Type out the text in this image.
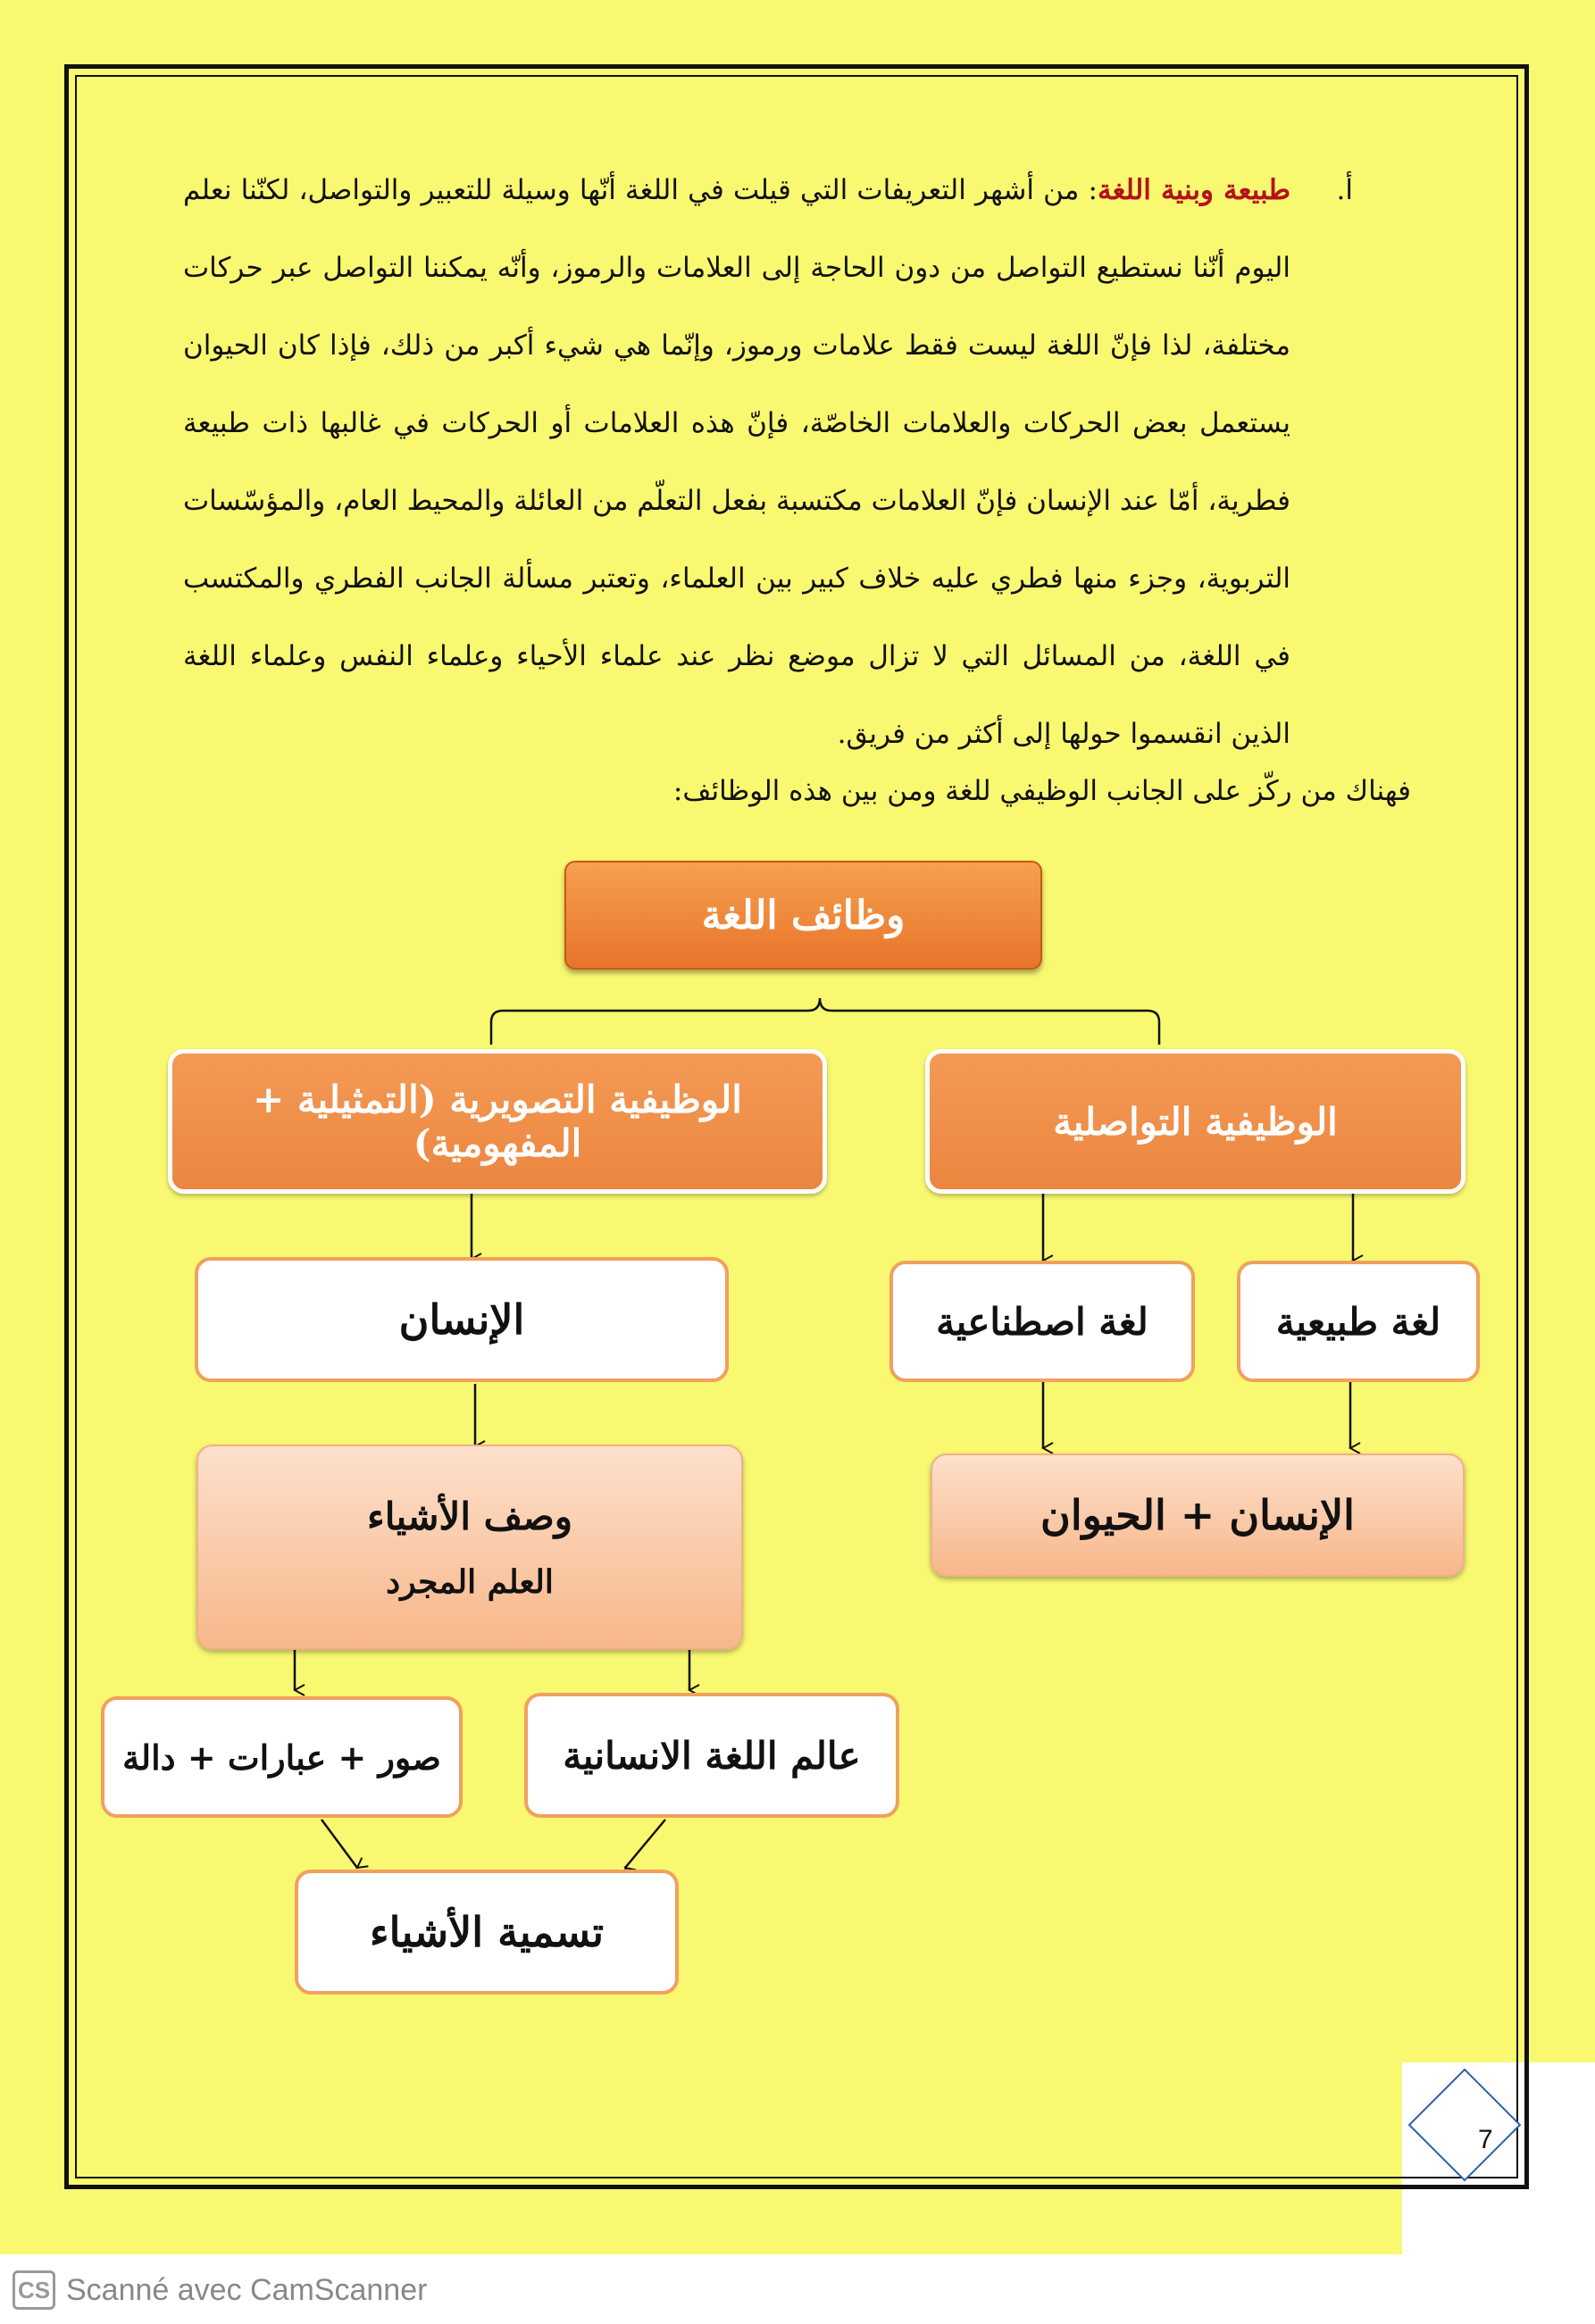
أ.
طبيعة وبنية اللغة: من أشهر التعريفات التي قيلت في اللغة أنّها وسيلة للتعبير والتواصل، لكنّنا نعلم اليوم أنّنا نستطيع التواصل من دون الحاجة إلى العلامات والرموز، وأنّه يمكننا التواصل عبر حركات مختلفة، لذا فإنّ اللغة ليست فقط علامات ورموز، وإنّما هي شيء أكبر من ذلك، فإذا كان الحيوان يستعمل بعض الحركات والعلامات الخاصّة، فإنّ هذه العلامات أو الحركات في غالبها ذات طبيعة فطرية، أمّا عند الإنسان فإنّ العلامات مكتسبة بفعل التعلّم من العائلة والمحيط العام، والمؤسّسات التربوية، وجزء منها فطري عليه خلاف كبير بين العلماء، وتعتبر مسألة الجانب الفطري والمكتسب في اللغة، من المسائل التي لا تزال موضع نظر عند علماء الأحياء وعلماء النفس وعلماء اللغة الذين انقسموا حولها إلى أكثر من فريق.
فهناك من ركّز على الجانب الوظيفي للغة ومن بين هذه الوظائف:
وظائف اللغة
الوظيفية التصويرية (التمثيلية + المفهومية)	الوظيفية التواصلية
الإنسان	لغة اصطناعية	لغة طبيعية
الإنسان + الحيوان
وصف الأشياء
العلم المجرد
عالم اللغة الانسانية
صور + عبارات + دالة
تسمية الأشياء
7
CS Scanné avec CamScanner
